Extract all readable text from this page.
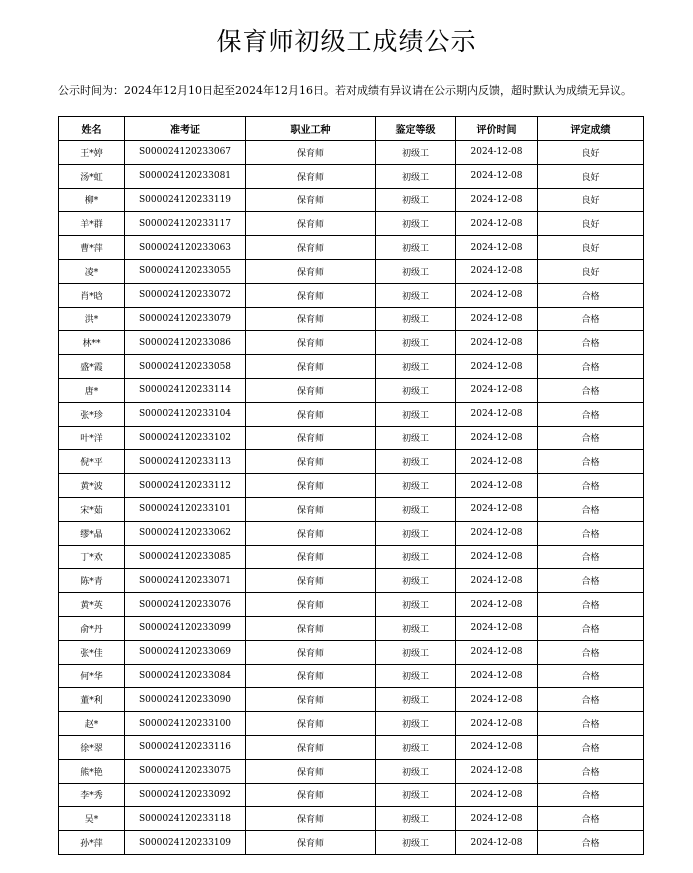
保育师初级工成绩公示
公示时间为：2024年12月10日起至2024年12月16日。若对成绩有异议请在公示期内反馈，超时默认为成绩无异议。
姓名	准考证	职业工种	鉴定等级	评价时间	评定成绩
王*婷	S000024120233067	保育师	初级工	2024-12-08	良好
汤*虹	S000024120233081	保育师	初级工	2024-12-08	良好
柳*	S000024120233119	保育师	初级工	2024-12-08	良好
羊*群	S000024120233117	保育师	初级工	2024-12-08	良好
曹*萍	S000024120233063	保育师	初级工	2024-12-08	良好
凌*	S000024120233055	保育师	初级工	2024-12-08	良好
肖*晗	S000024120233072	保育师	初级工	2024-12-08	合格
洪*	S000024120233079	保育师	初级工	2024-12-08	合格
林**	S000024120233086	保育师	初级工	2024-12-08	合格
盛*霞	S000024120233058	保育师	初级工	2024-12-08	合格
唐*	S000024120233114	保育师	初级工	2024-12-08	合格
张*珍	S000024120233104	保育师	初级工	2024-12-08	合格
叶*洋	S000024120233102	保育师	初级工	2024-12-08	合格
倪*平	S000024120233113	保育师	初级工	2024-12-08	合格
黄*波	S000024120233112	保育师	初级工	2024-12-08	合格
宋*茹	S000024120233101	保育师	初级工	2024-12-08	合格
缪*晶	S000024120233062	保育师	初级工	2024-12-08	合格
丁*欢	S000024120233085	保育师	初级工	2024-12-08	合格
陈*青	S000024120233071	保育师	初级工	2024-12-08	合格
黄*英	S000024120233076	保育师	初级工	2024-12-08	合格
俞*丹	S000024120233099	保育师	初级工	2024-12-08	合格
张*佳	S000024120233069	保育师	初级工	2024-12-08	合格
何*华	S000024120233084	保育师	初级工	2024-12-08	合格
董*利	S000024120233090	保育师	初级工	2024-12-08	合格
赵*	S000024120233100	保育师	初级工	2024-12-08	合格
徐*翠	S000024120233116	保育师	初级工	2024-12-08	合格
熊*艳	S000024120233075	保育师	初级工	2024-12-08	合格
李*秀	S000024120233092	保育师	初级工	2024-12-08	合格
吴*	S000024120233118	保育师	初级工	2024-12-08	合格
孙*萍	S000024120233109	保育师	初级工	2024-12-08	合格
